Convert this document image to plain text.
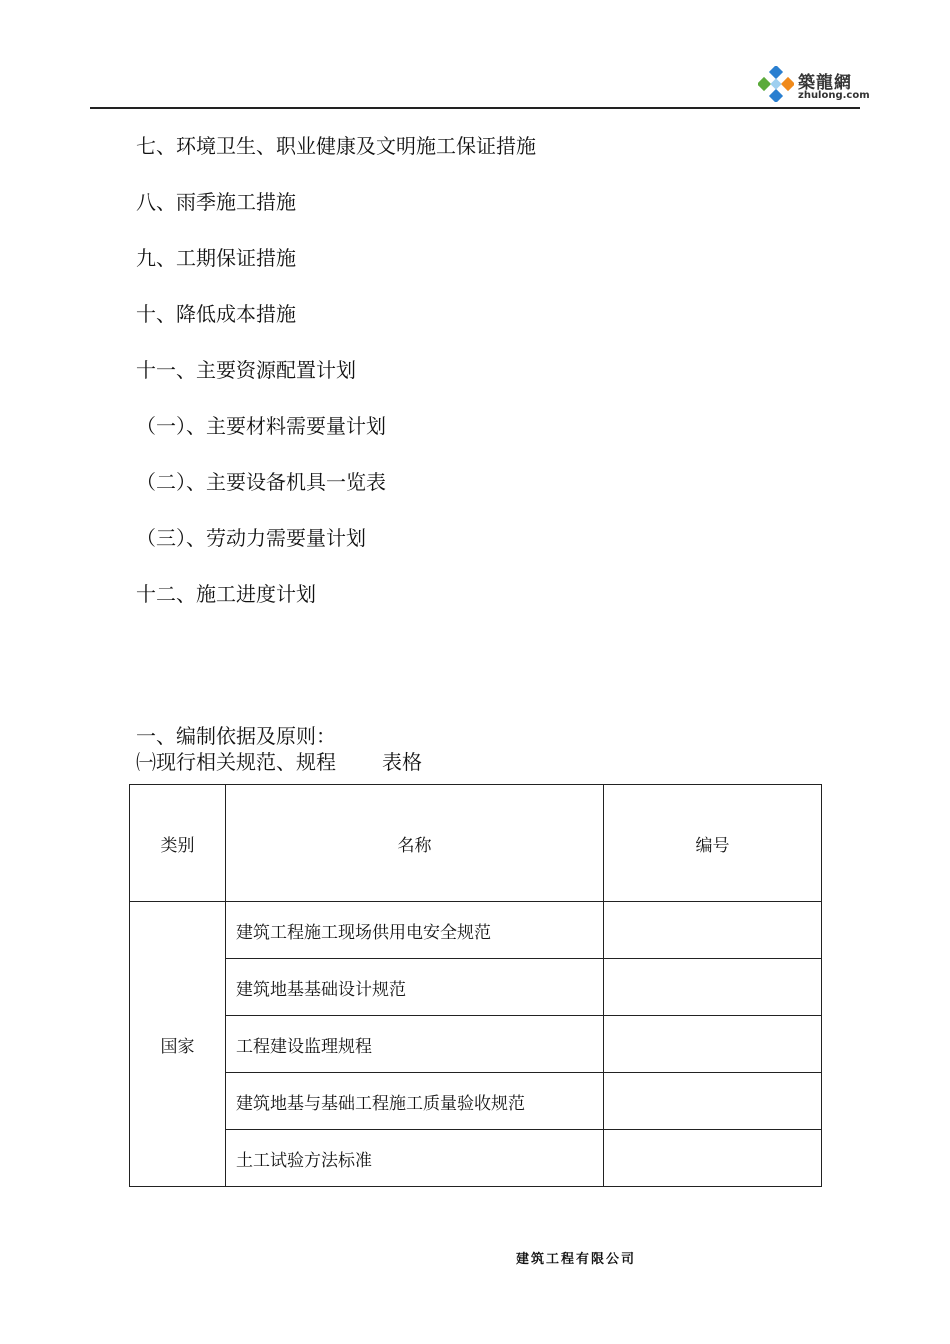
築龍網
zhulong.com
七、环境卫生、职业健康及文明施工保证措施
八、雨季施工措施
九、工期保证措施
十、降低成本措施
十一、主要资源配置计划
（一）、主要材料需要量计划
（二）、主要设备机具一览表
（三）、劳动力需要量计划
十二、施工进度计划
一、编制依据及原则：
㈠现行相关规范、规程 表格
类别	名称	编号
国家	建筑工程施工现场供用电安全规范	
	建筑地基基础设计规范	
	工程建设监理规程	
	建筑地基与基础工程施工质量验收规范	
	土工试验方法标准	
建筑工程有限公司
